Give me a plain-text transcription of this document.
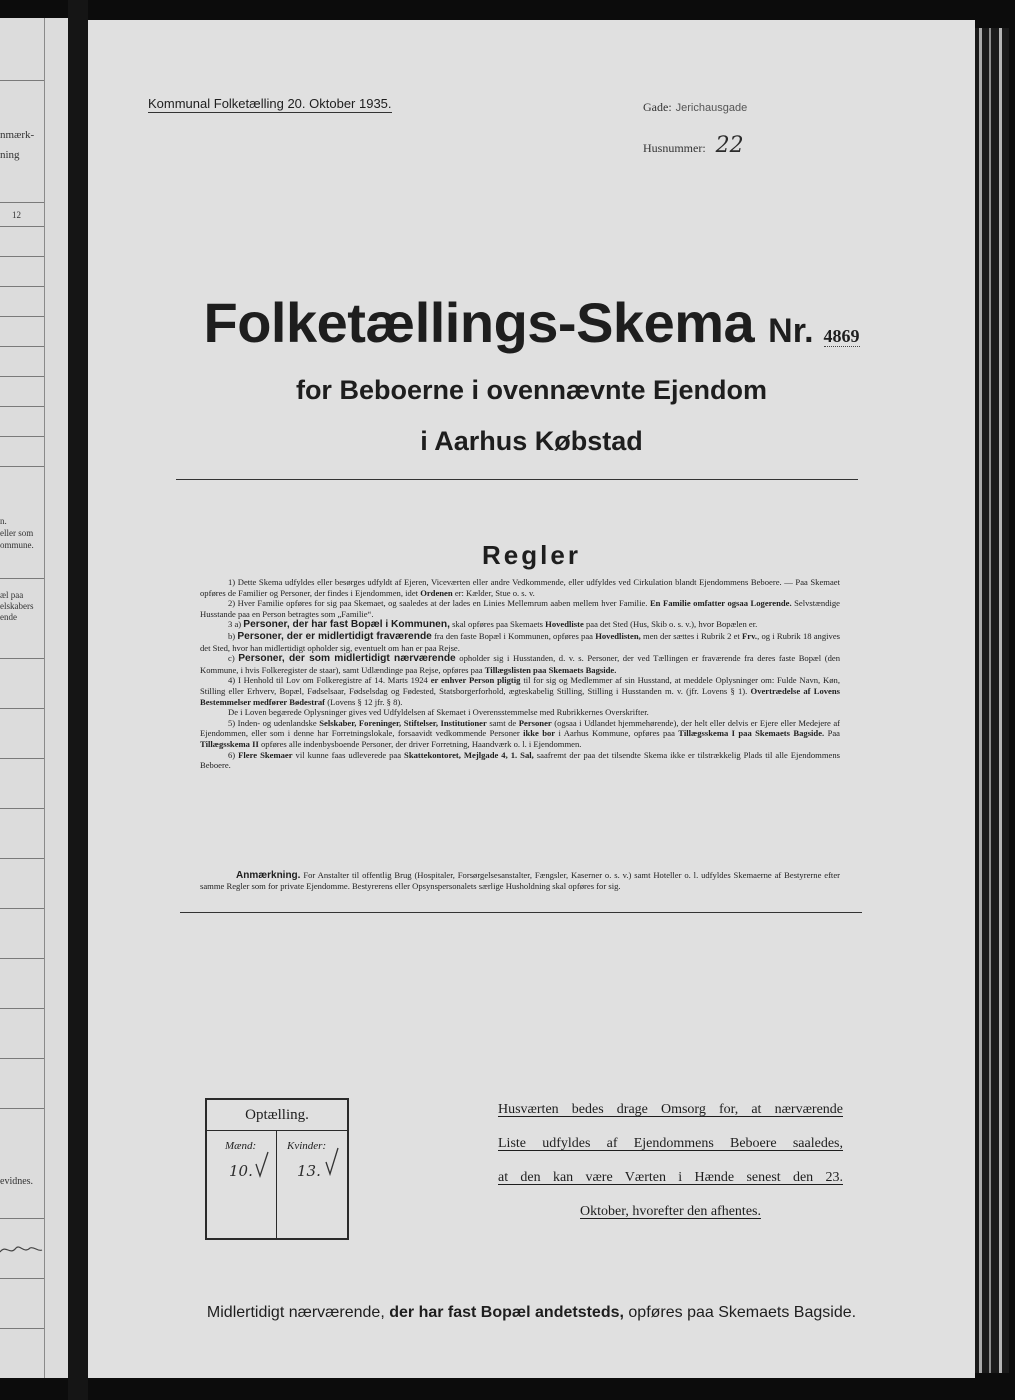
nmærk-
ning
12
n.
eller som
ommune.
æl paa
elskabers
ende
evidnes.
Kommunal Folketælling 20. Oktober 1935.	Gade: Jerichausgade
Husnummer: 22
Folketællings-Skema Nr. 4869
for Beboerne i ovennævnte Ejendom
i Aarhus Købstad
Regler

1) Dette Skema udfyldes eller besørges udfyldt af Ejeren, Viceværten eller andre Vedkommende, eller udfyldes ved Cirkulation blandt Ejendommens Beboere. — Paa Skemaet opføres de Familier og Personer, der findes i Ejendommen, idet Ordenen er: Kælder, Stue o. s. v.

2) Hver Familie opføres for sig paa Skemaet, og saaledes at der lades en Linies Mellemrum aaben mellem hver Familie. En Familie omfatter ogsaa Logerende. Selvstændige Husstande paa en Person betragtes som „Familie“.

3 a) Personer, der har fast Bopæl i Kommunen, skal opføres paa Skemaets Hovedliste paa det Sted (Hus, Skib o. s. v.), hvor Bopælen er.

b) Personer, der er midlertidigt fraværende fra den faste Bopæl i Kommunen, opføres paa Hovedlisten, men der sættes i Rubrik 2 et Frv., og i Rubrik 18 angives det Sted, hvor han midlertidigt opholder sig, eventuelt om han er paa Rejse.

c) Personer, der som midlertidigt nærværende opholder sig i Husstanden, d. v. s. Personer, der ved Tællingen er fraværende fra deres faste Bopæl (den Kommune, i hvis Folkeregister de staar), samt Udlændinge paa Rejse, opføres paa Tillægslisten paa Skemaets Bagside.

4) I Henhold til Lov om Folkeregistre af 14. Marts 1924 er enhver Person pligtig til for sig og Medlemmer af sin Husstand, at meddele Oplysninger om: Fulde Navn, Køn, Stilling eller Erhverv, Bopæl, Fødselsaar, Fødselsdag og Fødested, Statsborgerforhold, ægteskabelig Stilling, Stilling i Husstanden m. v. (jfr. Lovens § 1). Overtrædelse af Lovens Bestemmelser medfører Bødestraf (Lovens § 12 jfr. § 8).

De i Loven begærede Oplysninger gives ved Udfyldelsen af Skemaet i Overensstemmelse med Rubrikkernes Overskrifter.

5) Inden- og udenlandske Selskaber, Foreninger, Stiftelser, Institutioner samt de Personer (ogsaa i Udlandet hjemmehørende), der helt eller delvis er Ejere eller Medejere af Ejendommen, eller som i denne har Forretningslokale, forsaavidt vedkommende Personer ikke bor i Aarhus Kommune, opføres paa Tillægsskema I paa Skemaets Bagside. Paa Tillægsskema II opføres alle indenbysboende Personer, der driver Forretning, Haandværk o. l. i Ejendommen.

6) Flere Skemaer vil kunne faas udleverede paa Skattekontoret, Mejlgade 4, 1. Sal, saafremt der paa det tilsendte Skema ikke er tilstrækkelig Plads til alle Ejendommens Beboere.

Anmærkning. For Anstalter til offentlig Brug (Hospitaler, Forsørgelsesanstalter, Fængsler, Kaserner o. s. v.) samt Hoteller o. l. udfyldes Skemaerne af Bestyrerne efter samme Regler som for private Ejendomme. Bestyrerens eller Opsynspersonalets særlige Husholdning skal opføres for sig.

Optælling.
Mænd:	Kvinder:
10.	13.
Husværten bedes drage Omsorg for, at nærværende
Liste udfyldes af Ejendommens Beboere saaledes,
at den kan være Værten i Hænde senest den 23.
Oktober, hvorefter den afhentes.
Midlertidigt nærværende, der har fast Bopæl andetsteds, opføres paa Skemaets Bagside.
